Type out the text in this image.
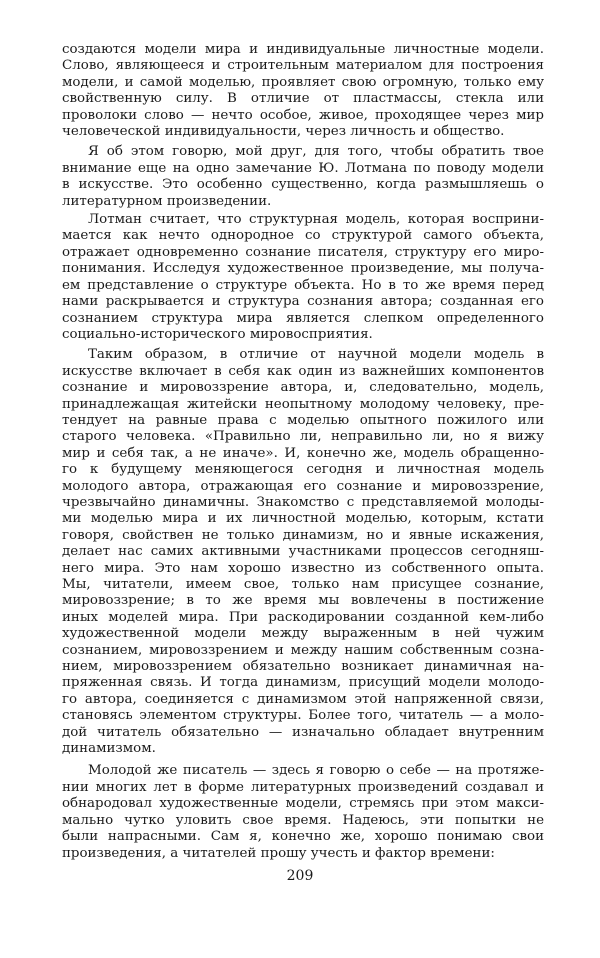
создаются модели мира и индивидуальные личностные модели.
Слово, являющееся и строительным материалом для построения
модели, и самой моделью, проявляет свою огромную, только ему
свойственную силу. В отличие от пластмассы, стекла или
проволоки слово — нечто особое, живое, проходящее через мир
человеческой индивидуальности, через личность и общество.
Я об этом говорю, мой друг, для того, чтобы обратить твое
внимание еще на одно замечание Ю. Лотмана по поводу модели
в искусстве. Это особенно существенно, когда размышляешь о
литературном произведении.
Лотман считает, что структурная модель, которая восприни-
мается как нечто однородное со структурой самого объекта,
отражает одновременно сознание писателя, структуру его миро-
понимания. Исследуя художественное произведение, мы получа-
ем представление о структуре объекта. Но в то же время перед
нами раскрывается и структура сознания автора; созданная его
сознанием структура мира является слепком определенного
социально-исторического мировосприятия.
Таким образом, в отличие от научной модели модель в
искусстве включает в себя как один из важнейших компонентов
сознание и мировоззрение автора, и, следовательно, модель,
принадлежащая житейски неопытному молодому человеку, пре-
тендует на равные права с моделью опытного пожилого или
старого человека. «Правильно ли, неправильно ли, но я вижу
мир и себя так, а не иначе». И, конечно же, модель обращенно-
го к будущему меняющегося сегодня и личностная модель
молодого автора, отражающая его сознание и мировоззрение,
чрезвычайно динамичны. Знакомство с представляемой молоды-
ми моделью мира и их личностной моделью, которым, кстати
говоря, свойствен не только динамизм, но и явные искажения,
делает нас самих активными участниками процессов сегодняш-
него мира. Это нам хорошо известно из собственного опыта.
Мы, читатели, имеем свое, только нам присущее сознание,
мировоззрение; в то же время мы вовлечены в постижение
иных моделей мира. При раскодировании созданной кем-либо
художественной модели между выраженным в ней чужим
сознанием, мировоззрением и между нашим собственным созна-
нием, мировоззрением обязательно возникает динамичная на-
пряженная связь. И тогда динамизм, присущий модели молодо-
го автора, соединяется с динамизмом этой напряженной связи,
становясь элементом структуры. Более того, читатель — а моло-
дой читатель обязательно — изначально обладает внутренним
динамизмом.
Молодой же писатель — здесь я говорю о себе — на протяже-
нии многих лет в форме литературных произведений создавал и
обнародовал художественные модели, стремясь при этом макси-
мально чутко уловить свое время. Надеюсь, эти попытки не
были напрасными. Сам я, конечно же, хорошо понимаю свои
произведения, а читателей прошу учесть и фактор времени:
209
